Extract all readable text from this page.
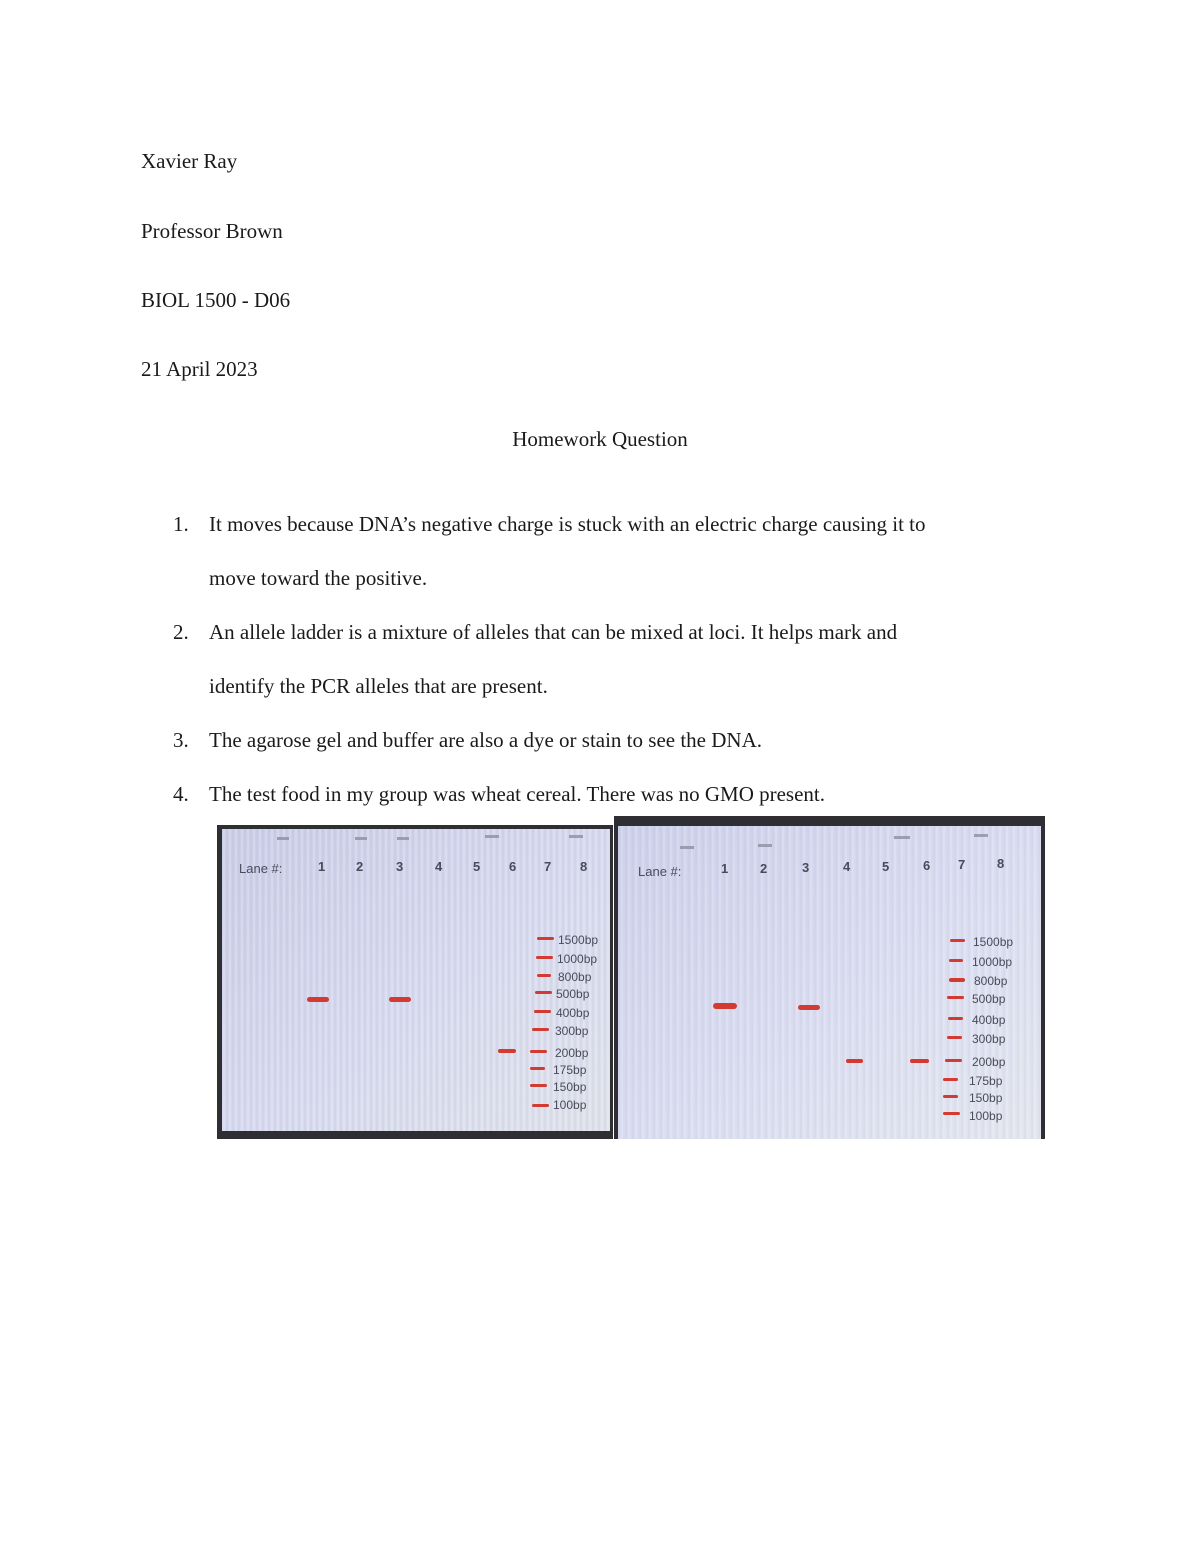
Xavier Ray
Professor Brown
BIOL 1500 - D06
21 April 2023
Homework Question
1. It moves because DNA’s negative charge is stuck with an electric charge causing it to
move toward the positive.
2. An allele ladder is a mixture of alleles that can be mixed at loci. It helps mark and
identify the PCR alleles that are present.
3. The agarose gel and buffer are also a dye or stain to see the DNA.
4. The test food in my group was wheat cereal. There was no GMO present.
Lane #:	1 2	3 4 5 6 7 8
1500bp
1000bp
800bp
500bp
400bp
300bp
200bp
175bp
150bp
100bp
Lane #:	1 2	3	4 5	6 7 8
1500bp
1000bp
800bp
500bp
400bp
300bp
200bp
175bp
150bp
100bp
